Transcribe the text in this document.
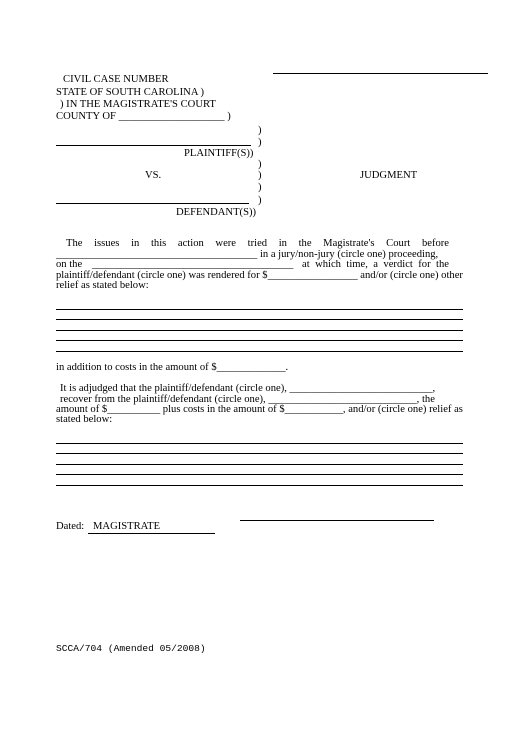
CIVIL CASE NUMBER
STATE OF SOUTH CAROLINA )
) IN THE MAGISTRATE'S COURT
COUNTY OF ____________________ )
)
)
PLAINTIFF(S))
)
VS.	)	JUDGMENT
)
)
DEFENDANT(S))
The issues in this action were tried in the Magistrate's Court before
______________________________________ in a jury/non-jury (circle one) proceeding,
on the ______________________________________ at which time, a verdict for the
plaintiff/defendant (circle one) was rendered for $_________________ and/or (circle one) other
relief as stated below:
in addition to costs in the amount of $_____________.
It is adjudged that the plaintiff/defendant (circle one), ___________________________,
recover from the plaintiff/defendant (circle one), ____________________________, the
amount of $__________ plus costs in the amount of $___________, and/or (circle one) relief as
stated below:
Dated: MAGISTRATE
SCCA/704 (Amended 05/2008)
